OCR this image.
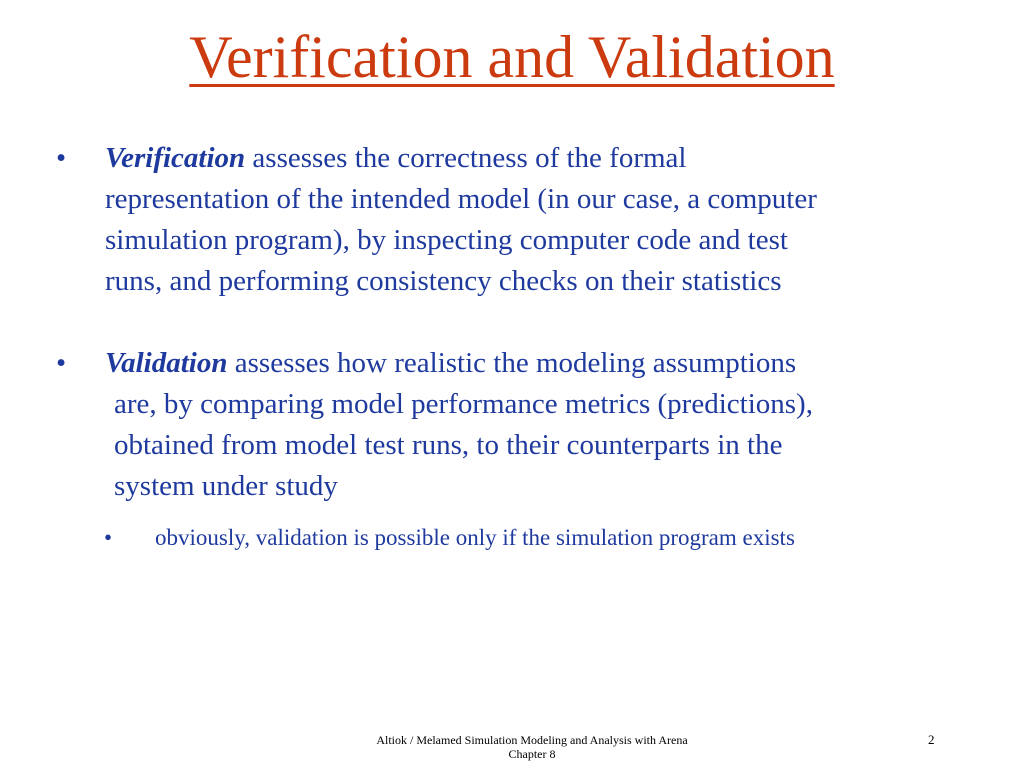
Verification and Validation
• Verification assesses the correctness of the formal
representation of the intended model (in our case, a computer
simulation program), by inspecting computer code and test
runs, and performing consistency checks on their statistics

• Validation assesses how realistic the modeling assumptions
are, by comparing model performance metrics (predictions),
obtained from model test runs, to their counterparts in the
system under study

• obviously, validation is possible only if the simulation program exists

Altiok / Melamed Simulation Modeling and Analysis with Arena
Chapter 8
2
